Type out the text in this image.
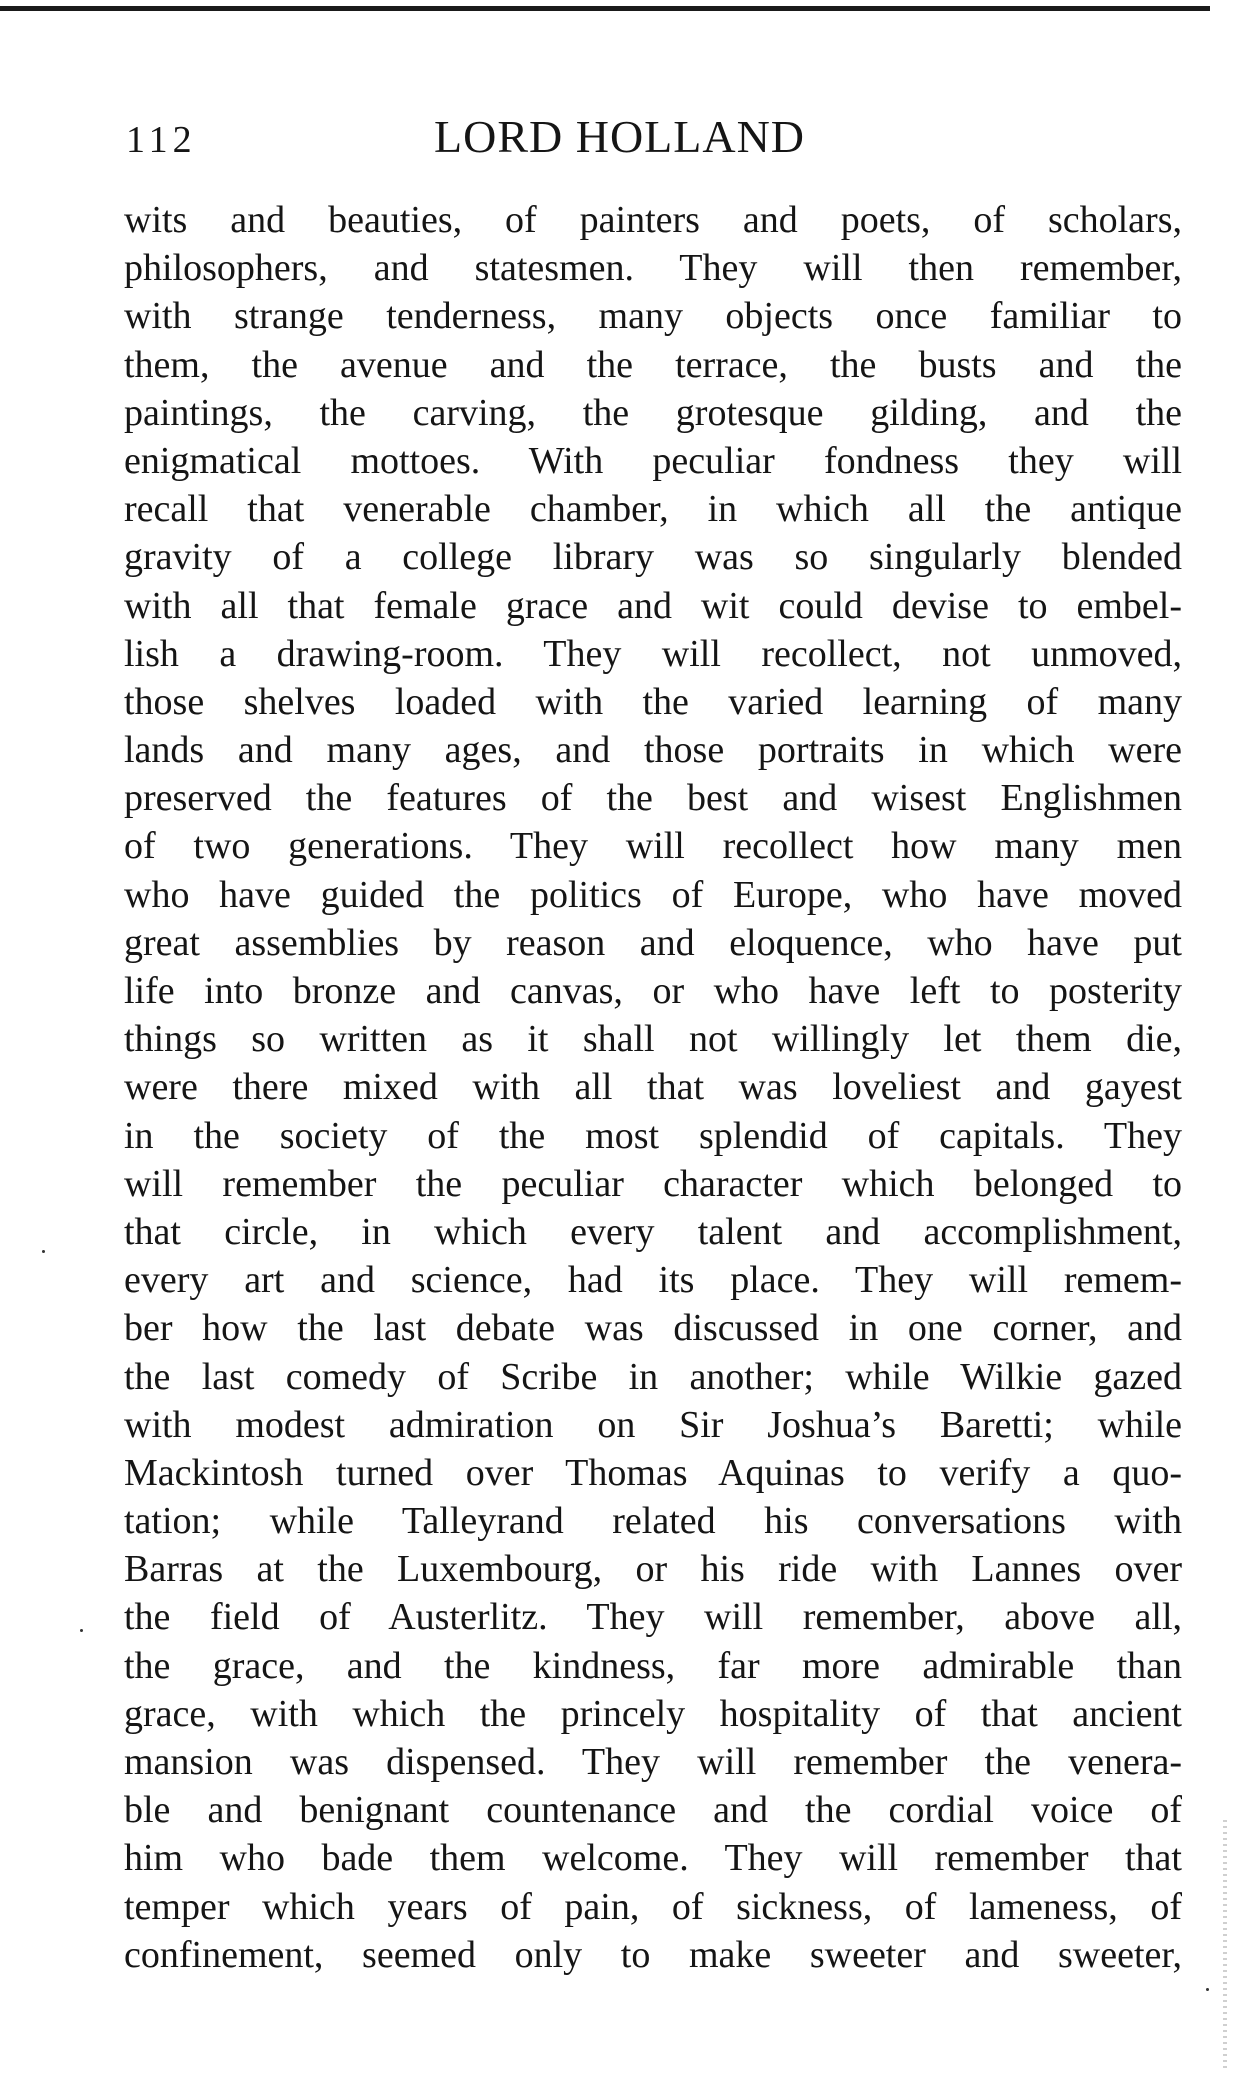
112	LORD HOLLAND
wits and beauties, of painters and poets, of scholars,
philosophers, and statesmen. They will then remember,
with strange tenderness, many objects once familiar to
them, the avenue and the terrace, the busts and the
paintings, the carving, the grotesque gilding, and the
enigmatical mottoes. With peculiar fondness they will
recall that venerable chamber, in which all the antique
gravity of a college library was so singularly blended
with all that female grace and wit could devise to embel-
lish a drawing-room. They will recollect, not unmoved,
those shelves loaded with the varied learning of many
lands and many ages, and those portraits in which were
preserved the features of the best and wisest Englishmen
of two generations. They will recollect how many men
who have guided the politics of Europe, who have moved
great assemblies by reason and eloquence, who have put
life into bronze and canvas, or who have left to posterity
things so written as it shall not willingly let them die,
were there mixed with all that was loveliest and gayest
in the society of the most splendid of capitals. They
will remember the peculiar character which belonged to
that circle, in which every talent and accomplishment,
every art and science, had its place. They will remem-
ber how the last debate was discussed in one corner, and
the last comedy of Scribe in another; while Wilkie gazed
with modest admiration on Sir Joshua’s Baretti; while
Mackintosh turned over Thomas Aquinas to verify a quo-
tation; while Talleyrand related his conversations with
Barras at the Luxembourg, or his ride with Lannes over
the field of Austerlitz. They will remember, above all,
the grace, and the kindness, far more admirable than
grace, with which the princely hospitality of that ancient
mansion was dispensed. They will remember the venera-
ble and benignant countenance and the cordial voice of
him who bade them welcome. They will remember that
temper which years of pain, of sickness, of lameness, of
confinement, seemed only to make sweeter and sweeter,
